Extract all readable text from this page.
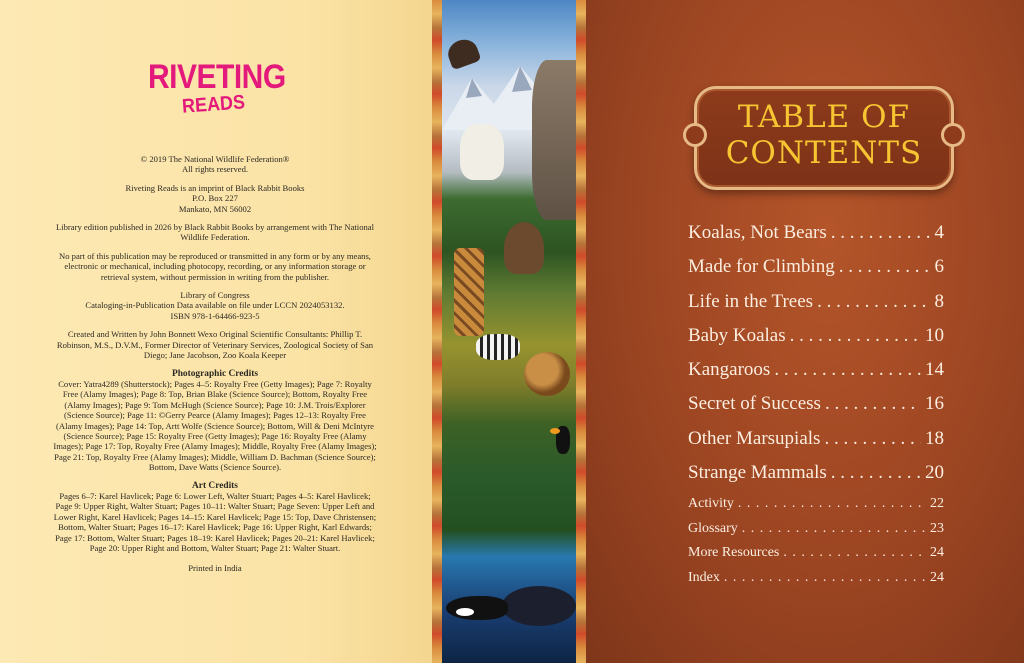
RIVETING
READS

© 2019 The National Wildlife Federation®
All rights reserved.

Riveting Reads is an imprint of Black Rabbit Books
P.O. Box 227
Mankato, MN 56002

Library edition published in 2026 by Black Rabbit Books by arrangement with The National Wildlife Federation.

No part of this publication may be reproduced or transmitted in any form or by any means, electronic or mechanical, including photocopy, recording, or any information storage or retrieval system, without permission in writing from the publisher.

Library of Congress
Cataloging-in-Publication Data available on file under LCCN 2024053132.
ISBN 978-1-64466-923-5

Created and Written by John Bonnett Wexo Original Scientific Consultants: Phillip T. Robinson, M.S., D.V.M., Former Director of Veterinary Services, Zoological Society of San Diego; Jane Jacobson, Zoo Koala Keeper

Photographic Credits

Cover: Yatra4289 (Shutterstock); Pages 4–5: Royalty Free (Getty Images); Page 7: Royalty Free (Alamy Images); Page 8: Top, Brian Blake (Science Source); Bottom, Royalty Free (Alamy Images); Page 9: Tom McHugh (Science Source); Page 10: J.M. Trois/Explorer (Science Source); Page 11: ©Gerry Pearce (Alamy Images); Pages 12–13: Royalty Free (Alamy Images); Page 14: Top, Artt Wolfe (Science Source); Bottom, Will & Deni McIntyre (Science Source); Page 15: Royalty Free (Getty Images); Page 16: Royalty Free (Alamy Images); Page 17: Top, Royalty Free (Alamy Images); Middle, Royalty Free (Alamy Images); Page 21: Top, Royalty Free (Alamy Images); Middle, William D. Bachman (Science Source); Bottom, Dave Watts (Science Source).

Art Credits

Pages 6–7: Karel Havlicek; Page 6: Lower Left, Walter Stuart; Pages 4–5: Karel Havlicek; Page 9: Upper Right, Walter Stuart; Pages 10–11: Walter Stuart; Page Seven: Upper Left and Lower Right, Karel Havlicek; Pages 14–15: Karel Havlicek; Page 15: Top, Dave Christensen; Bottom, Walter Stuart; Pages 16–17: Karel Havlicek; Page 16: Upper Right, Karl Edwards; Page 17: Bottom, Walter Stuart; Pages 18–19: Karel Havlicek; Pages 20–21: Karel Havlicek; Page 20: Upper Right and Bottom, Walter Stuart; Page 21: Walter Stuart.

Printed in India

TABLE OF
CONTENTS
Koalas, Not Bears . . .	4
Made for Climbing . . .	6
Life in the Trees . . .	8
Baby Koalas . . .	10
Kangaroos . . .	14
Secret of Success . . .	16
Other Marsupials . . .	18
Strange Mammals . . .	20
Activity . . .	22
Glossary . . .	23
More Resources . . .	24
Index . . .	24
